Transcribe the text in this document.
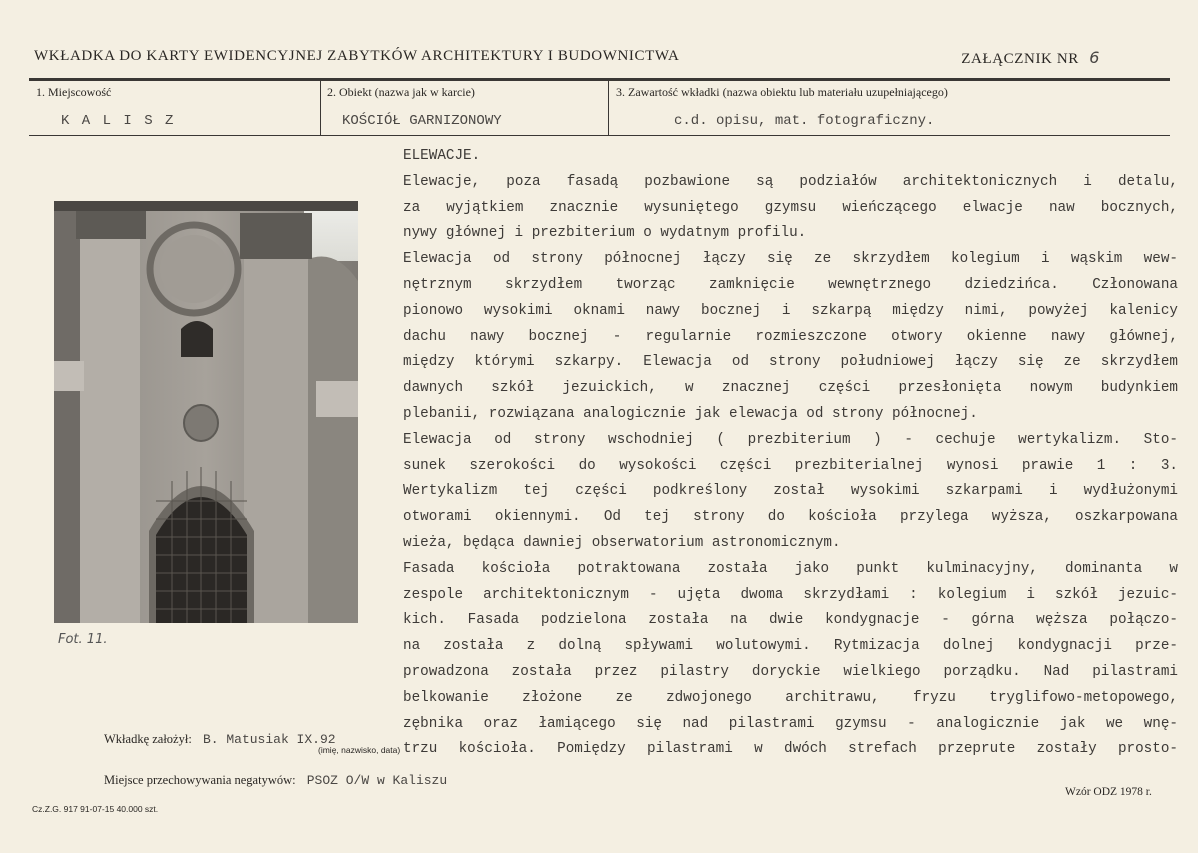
WKŁADKA DO KARTY EWIDENCYJNEJ ZABYTKÓW ARCHITEKTURY I BUDOWNICTWA	ZAŁĄCZNIK NR 6
1. Miejscowość
K A L I S Z
2. Obiekt (nazwa jak w karcie)
KOŚCIÓŁ GARNIZONOWY
3. Zawartość wkładki (nazwa obiektu lub materiału uzupełniającego)
c.d. opisu, mat. fotograficzny.
Fot. 11.
ELEWACJE.
Elewacje, poza fasadą pozbawione są podziałów architektonicznych i detalu,
za wyjątkiem znacznie wysuniętego gzymsu wieńczącego elwacje naw bocznych,
nywy głównej i prezbiterium o wydatnym profilu.
Elewacja od strony północnej łączy się ze skrzydłem kolegium i wąskim wew-
nętrznym skrzydłem tworząc zamknięcie wewnętrznego dziedzińca. Członowana
pionowo wysokimi oknami nawy bocznej i szkarpą między nimi, powyżej kalenicy
dachu nawy bocznej - regularnie rozmieszczone otwory okienne nawy głównej,
między którymi szkarpy. Elewacja od strony południowej łączy się ze skrzydłem
dawnych szkół jezuickich, w znacznej części przesłonięta nowym budynkiem
plebanii, rozwiązana analogicznie jak elewacja od strony północnej.
Elewacja od strony wschodniej ( prezbiterium ) - cechuje wertykalizm. Sto-
sunek szerokości do wysokości części prezbiterialnej wynosi prawie 1 : 3.
Wertykalizm tej części podkreślony został wysokimi szkarpami i wydłużonymi
otworami okiennymi. Od tej strony do kościoła przylega wyższa, oszkarpowana
wieża, będąca dawniej obserwatorium astronomicznym.
Fasada kościoła potraktowana została jako punkt kulminacyjny, dominanta w
zespole architektonicznym - ujęta dwoma skrzydłami : kolegium i szkół jezuic-
kich. Fasada podzielona została na dwie kondygnacje - górna węższa połączo-
na została z dolną spływami wolutowymi. Rytmizacja dolnej kondygnacji prze-
prowadzona została przez pilastry doryckie wielkiego porządku. Nad pilastrami
belkowanie złożone ze zdwojonego architrawu, fryzu tryglifowo-metopowego,
zębnika oraz łamiącego się nad pilastrami gzymsu - analogicznie jak we wnę-
trzu kościoła. Pomiędzy pilastrami w dwóch strefach przeprute zostały prosto-
Wkładkę założył: B. Matusiak IX.92
(imię, nazwisko, data)
Miejsce przechowywania negatywów: PSOZ O/W w Kaliszu
Cz.Z.G. 917 91-07-15 40.000 szt.
Wzór ODZ 1978 r.
